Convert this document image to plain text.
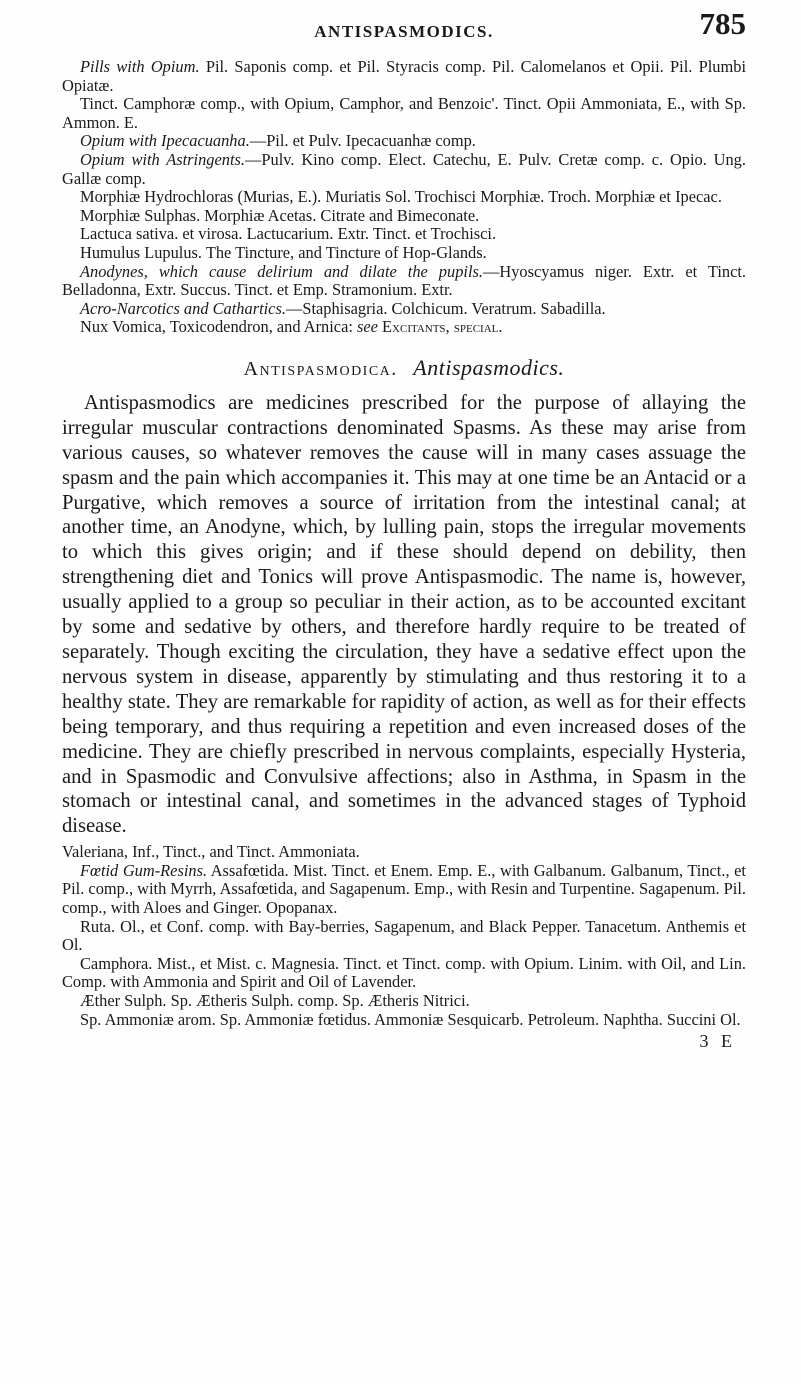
ANTISPASMODICS.	785

Pills with Opium. Pil. Saponis comp. et Pil. Styracis comp. Pil. Calomelanos et Opii. Pil. Plumbi Opiatæ.

Tinct. Camphoræ comp., with Opium, Camphor, and Benzoic'. Tinct. Opii Ammoniata, E., with Sp. Ammon. E.

Opium with Ipecacuanha.—Pil. et Pulv. Ipecacuanhæ comp.

Opium with Astringents.—Pulv. Kino comp. Elect. Catechu, E. Pulv. Cretæ comp. c. Opio. Ung. Gallæ comp.

Morphiæ Hydrochloras (Murias, E.). Muriatis Sol. Trochisci Morphiæ. Troch. Morphiæ et Ipecac.

Morphiæ Sulphas. Morphiæ Acetas. Citrate and Bimeconate.

Lactuca sativa. et virosa. Lactucarium. Extr. Tinct. et Trochisci.

Humulus Lupulus. The Tincture, and Tincture of Hop-Glands.

Anodynes, which cause delirium and dilate the pupils.—Hyoscyamus niger. Extr. et Tinct. Belladonna, Extr. Succus. Tinct. et Emp. Stramonium. Extr.

Acro-Narcotics and Cathartics.—Staphisagria. Colchicum. Veratrum. Sabadilla.

Nux Vomica, Toxicodendron, and Arnica: see Excitants, special.

Antispasmodica. Antispasmodics.

Antispasmodics are medicines prescribed for the purpose of allaying the irregular muscular contractions denominated Spasms. As these may arise from various causes, so whatever removes the cause will in many cases assuage the spasm and the pain which accompanies it. This may at one time be an Antacid or a Purgative, which removes a source of irritation from the intestinal canal; at another time, an Anodyne, which, by lulling pain, stops the irregular movements to which this gives origin; and if these should depend on debility, then strengthening diet and Tonics will prove Antispasmodic. The name is, however, usually applied to a group so peculiar in their action, as to be accounted excitant by some and sedative by others, and therefore hardly require to be treated of separately. Though exciting the circulation, they have a sedative effect upon the nervous system in disease, apparently by stimulating and thus restoring it to a healthy state. They are remarkable for rapidity of action, as well as for their effects being temporary, and thus requiring a repetition and even increased doses of the medicine. They are chiefly prescribed in nervous complaints, especially Hysteria, and in Spasmodic and Convulsive affections; also in Asthma, in Spasm in the stomach or intestinal canal, and sometimes in the advanced stages of Typhoid disease.

Valeriana, Inf., Tinct., and Tinct. Ammoniata.

Fœtid Gum-Resins. Assafœtida. Mist. Tinct. et Enem. Emp. E., with Galbanum. Galbanum, Tinct., et Pil. comp., with Myrrh, Assafœtida, and Sagapenum. Emp., with Resin and Turpentine. Sagapenum. Pil. comp., with Aloes and Ginger. Opopanax.

Ruta. Ol., et Conf. comp. with Bay-berries, Sagapenum, and Black Pepper. Tanacetum. Anthemis et Ol.

Camphora. Mist., et Mist. c. Magnesia. Tinct. et Tinct. comp. with Opium. Linim. with Oil, and Lin. Comp. with Ammonia and Spirit and Oil of Lavender.

Æther Sulph. Sp. Ætheris Sulph. comp. Sp. Ætheris Nitrici.

Sp. Ammoniæ arom. Sp. Ammoniæ fœtidus. Ammoniæ Sesquicarb. Petroleum. Naphtha. Succini Ol.

3 E
